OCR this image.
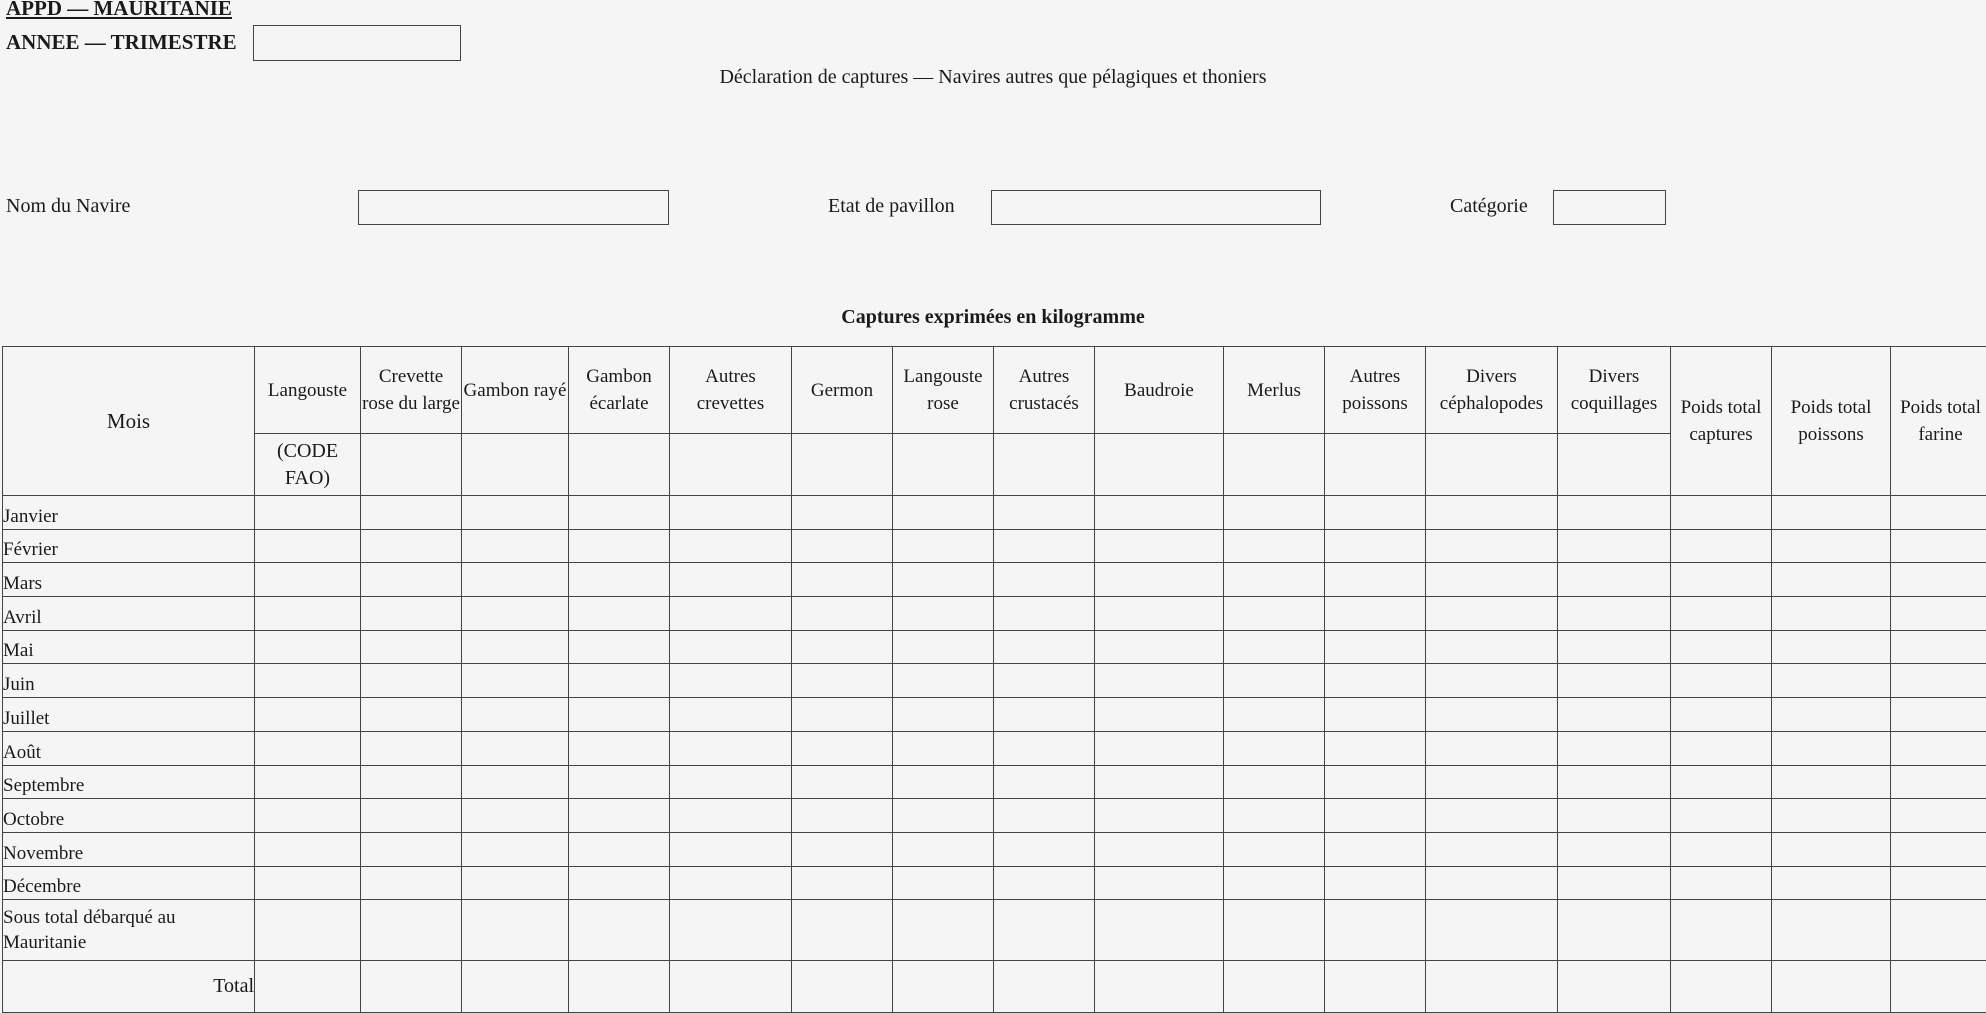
APPD — MAURITANIE
ANNEE — TRIMESTRE
Déclaration de captures — Navires autres que pélagiques et thoniers
Nom du Navire	Etat de pavillon	Catégorie
Captures exprimées en kilogramme
Mois	Langouste	Crevette rose du large	Gambon rayé	Gambon écarlate	Autres crevettes	Germon	Langouste rose	Autres crustacés	Baudroie	Merlus	Autres poissons	Divers céphalopodes	Divers coquillages	Poids total captures	Poids total poissons	Poids total farine
	(CODE FAO)															
Janvier																
Février																
Mars																
Avril																
Mai																
Juin																
Juillet																
Août																
Septembre																
Octobre																
Novembre																
Décembre																
Sous total débarqué au Mauritanie																
Total																
